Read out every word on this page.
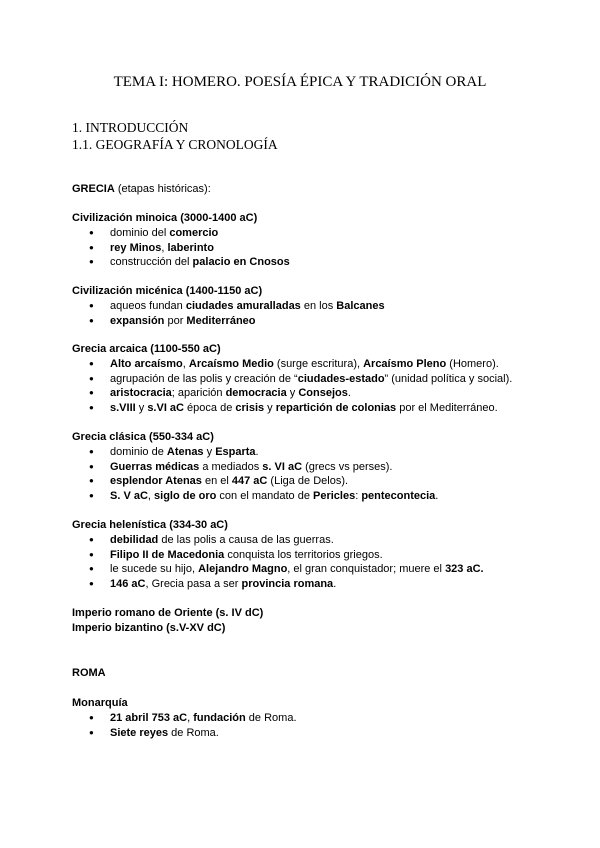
TEMA I: HOMERO. POESÍA ÉPICA Y TRADICIÓN ORAL
1. INTRODUCCIÓN
1.1. GEOGRAFÍA Y CRONOLOGÍA
GRECIA (etapas históricas):
Civilización minoica (3000-1400 aC)
● dominio del comercio
● rey Minos, laberinto
● construcción del palacio en Cnosos
Civilización micénica (1400-1150 aC)
● aqueos fundan ciudades amuralladas en los Balcanes
● expansión por Mediterráneo
Grecia arcaica (1100-550 aC)
● Alto arcaísmo, Arcaísmo Medio (surge escritura), Arcaísmo Pleno (Homero).
● agrupación de las polis y creación de “ciudades-estado” (unidad política y social).
● aristocracia; aparición democracia y Consejos.
● s.VIII y s.VI aC época de crisis y repartición de colonias por el Mediterráneo.
Grecia clásica (550-334 aC)
● dominio de Atenas y Esparta.
● Guerras médicas a mediados s. VI aC (grecs vs perses).
● esplendor Atenas en el 447 aC (Liga de Delos).
● S. V aC, siglo de oro con el mandato de Pericles: pentecontecia.
Grecia helenística (334-30 aC)
● debilidad de las polis a causa de las guerras.
● Filipo II de Macedonia conquista los territorios griegos.
● le sucede su hijo, Alejandro Magno, el gran conquistador; muere el 323 aC.
● 146 aC, Grecia pasa a ser provincia romana.
Imperio romano de Oriente (s. IV dC)
Imperio bizantino (s.V-XV dC)
ROMA
Monarquía
● 21 abril 753 aC, fundación de Roma.
● Siete reyes de Roma.
